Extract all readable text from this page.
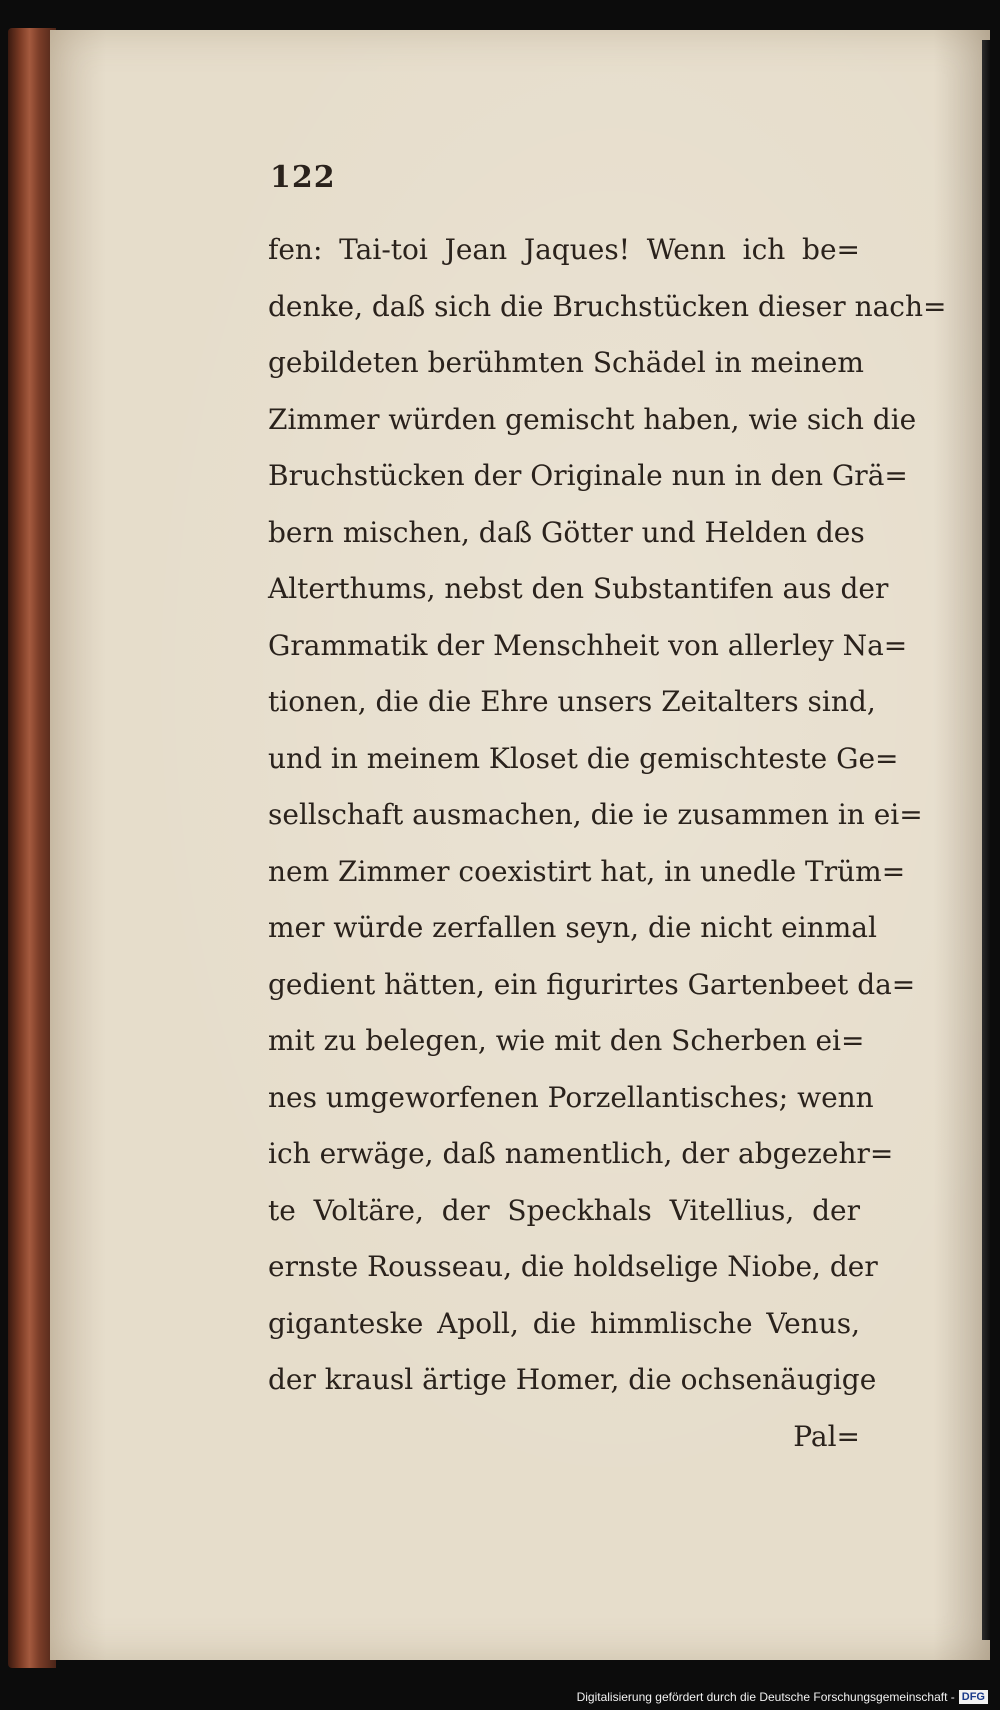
122
fen: Tai-toi Jean Jaques! Wenn ich be=
denke, daß sich die Bruchstücken dieser nach=
gebildeten berühmten Schädel in meinem
Zimmer würden gemischt haben, wie sich die
Bruchstücken der Originale nun in den Grä=
bern mischen, daß Götter und Helden des
Alterthums, nebst den Substantifen aus der
Grammatik der Menschheit von allerley Na=
tionen, die die Ehre unsers Zeitalters sind,
und in meinem Kloset die gemischteste Ge=
sellschaft ausmachen, die ie zusammen in ei=
nem Zimmer coexistirt hat, in unedle Trüm=
mer würde zerfallen seyn, die nicht einmal
gedient hätten, ein figurirtes Gartenbeet da=
mit zu belegen, wie mit den Scherben ei=
nes umgeworfenen Porzellantisches; wenn
ich erwäge, daß namentlich, der abgezehr=
te Voltäre, der Speckhals Vitellius, der
ernste Rousseau, die holdselige Niobe, der
giganteske Apoll, die himmlische Venus,
der krausl ärtige Homer, die ochsenäugige
Pal=
Digitalisierung gefördert durch die Deutsche Forschungsgemeinschaft - DFG
